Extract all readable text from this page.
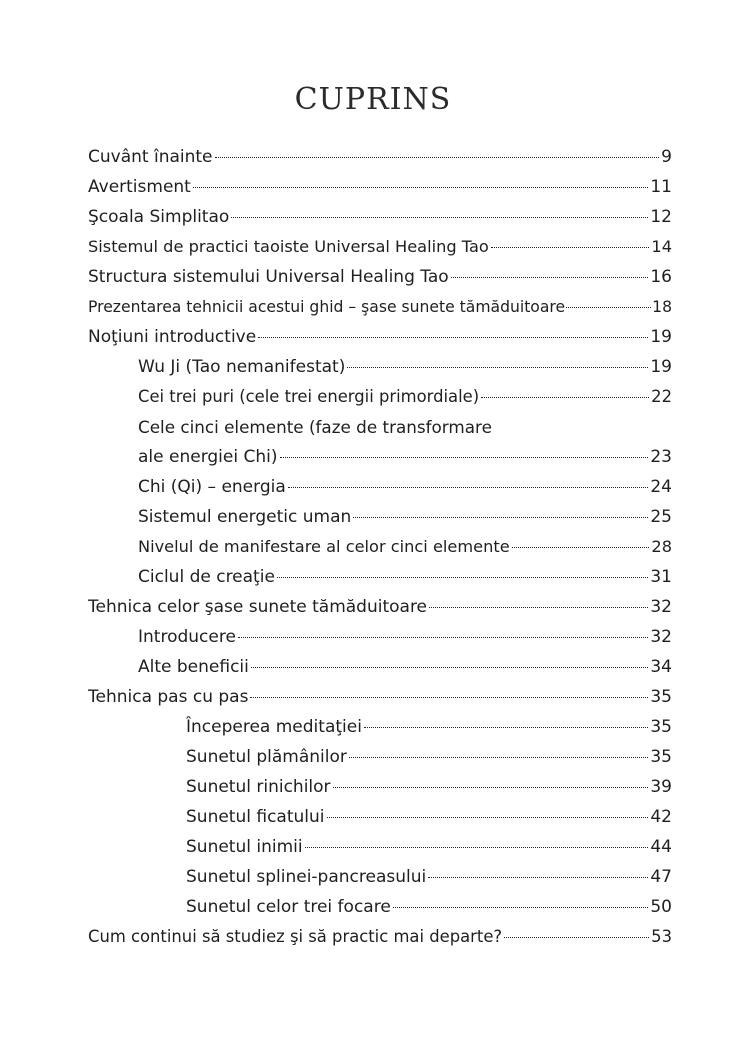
CUPRINS
Cuvânt înainte	9
Avertisment	11
Şcoala Simplitao	12
Sistemul de practici taoiste Universal Healing Tao	14
Structura sistemului Universal Healing Tao	16
Prezentarea tehnicii acestui ghid – şase sunete tămăduitoare	18
Noţiuni introductive	19
Wu Ji (Tao nemanifestat)	19
Cei trei puri (cele trei energii primordiale)	22
Cele cinci elemente (faze de transformare
ale energiei Chi)	23
Chi (Qi) – energia	24
Sistemul energetic uman	25
Nivelul de manifestare al celor cinci elemente	28
Ciclul de creaţie	31
Tehnica celor şase sunete tămăduitoare	32
Introducere	32
Alte beneficii	34
Tehnica pas cu pas	35
Începerea meditaţiei	35
Sunetul plămânilor	35
Sunetul rinichilor	39
Sunetul ficatului	42
Sunetul inimii	44
Sunetul splinei-pancreasului	47
Sunetul celor trei focare	50
Cum continui să studiez şi să practic mai departe?	53
